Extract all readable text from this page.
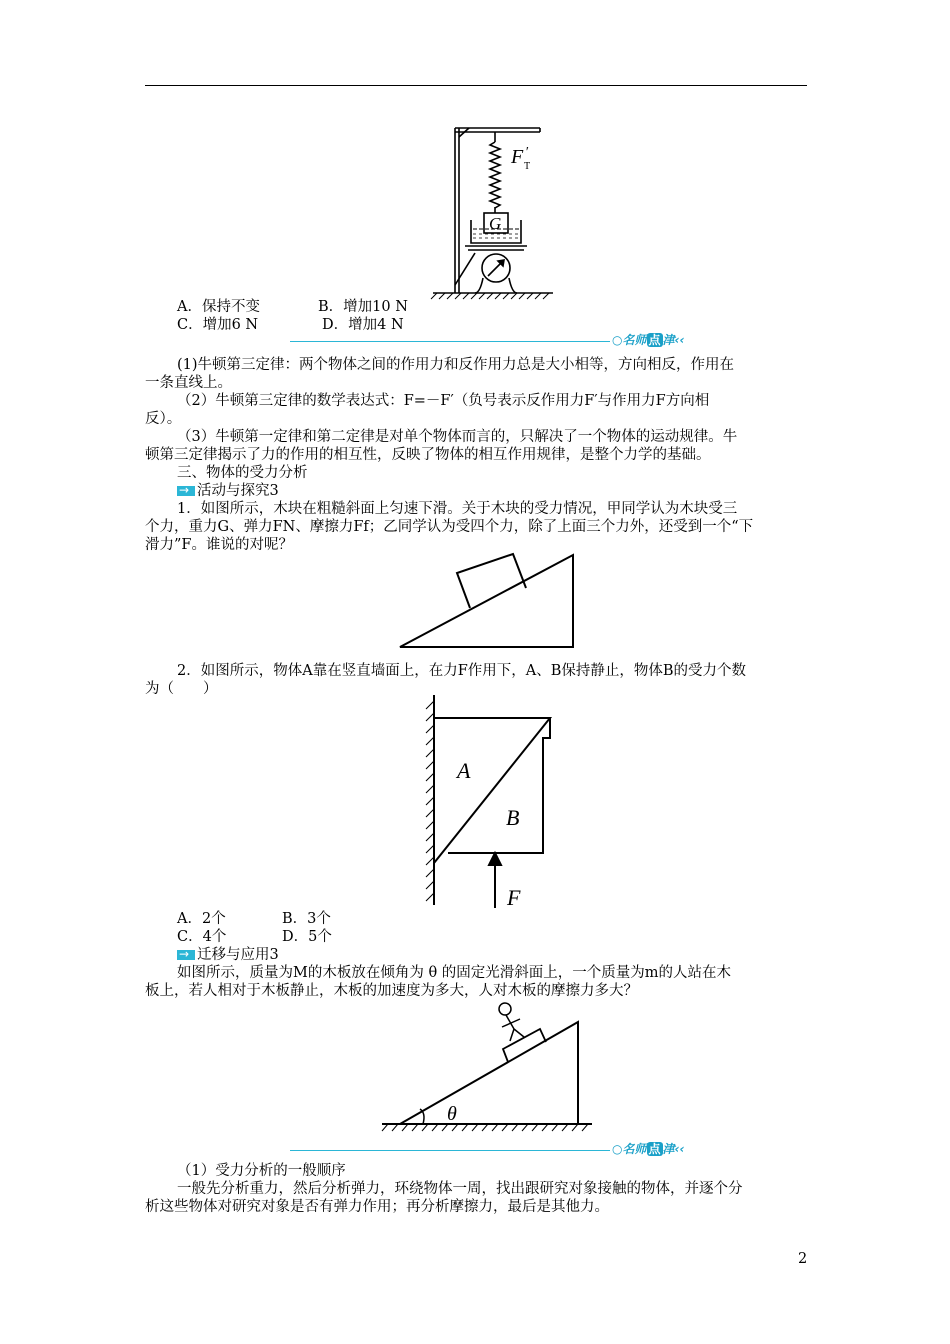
F ′
T
G
A．保持不变	B．增加10 N
C．增加6 N	D．增加4 N
○名师 点 津‹‹
(1)牛顿第三定律：两个物体之间的作用力和反作用力总是大小相等，方向相反，作用在
一条直线上。
（2）牛顿第三定律的数学表达式：F=－F′（负号表示反作用力F′与作用力F方向相
反）。
（3）牛顿第一定律和第二定律是对单个物体而言的，只解决了一个物体的运动规律。牛
顿第三定律揭示了力的作用的相互性，反映了物体的相互作用规律，是整个力学的基础。
三、物体的受力分析
→活动与探究3
1．如图所示，木块在粗糙斜面上匀速下滑。关于木块的受力情况，甲同学认为木块受三
个力，重力G、弹力FN、摩擦力Ff；乙同学认为受四个力，除了上面三个力外，还受到一个“下
滑力”F。谁说的对呢？
2．如图所示，物体A靠在竖直墙面上，在力F作用下，A、B保持静止，物体B的受力个数
为（　　）
A
B
F
A．2个	B．3个
C．4个	D．5个
→迁移与应用3
如图所示，质量为M的木板放在倾角为 θ 的固定光滑斜面上，一个质量为m的人站在木
板上，若人相对于木板静止，木板的加速度为多大，人对木板的摩擦力多大？
θ
○名师 点 津‹‹
（1）受力分析的一般顺序
一般先分析重力，然后分析弹力，环绕物体一周，找出跟研究对象接触的物体，并逐个分
析这些物体对研究对象是否有弹力作用；再分析摩擦力，最后是其他力。
2
